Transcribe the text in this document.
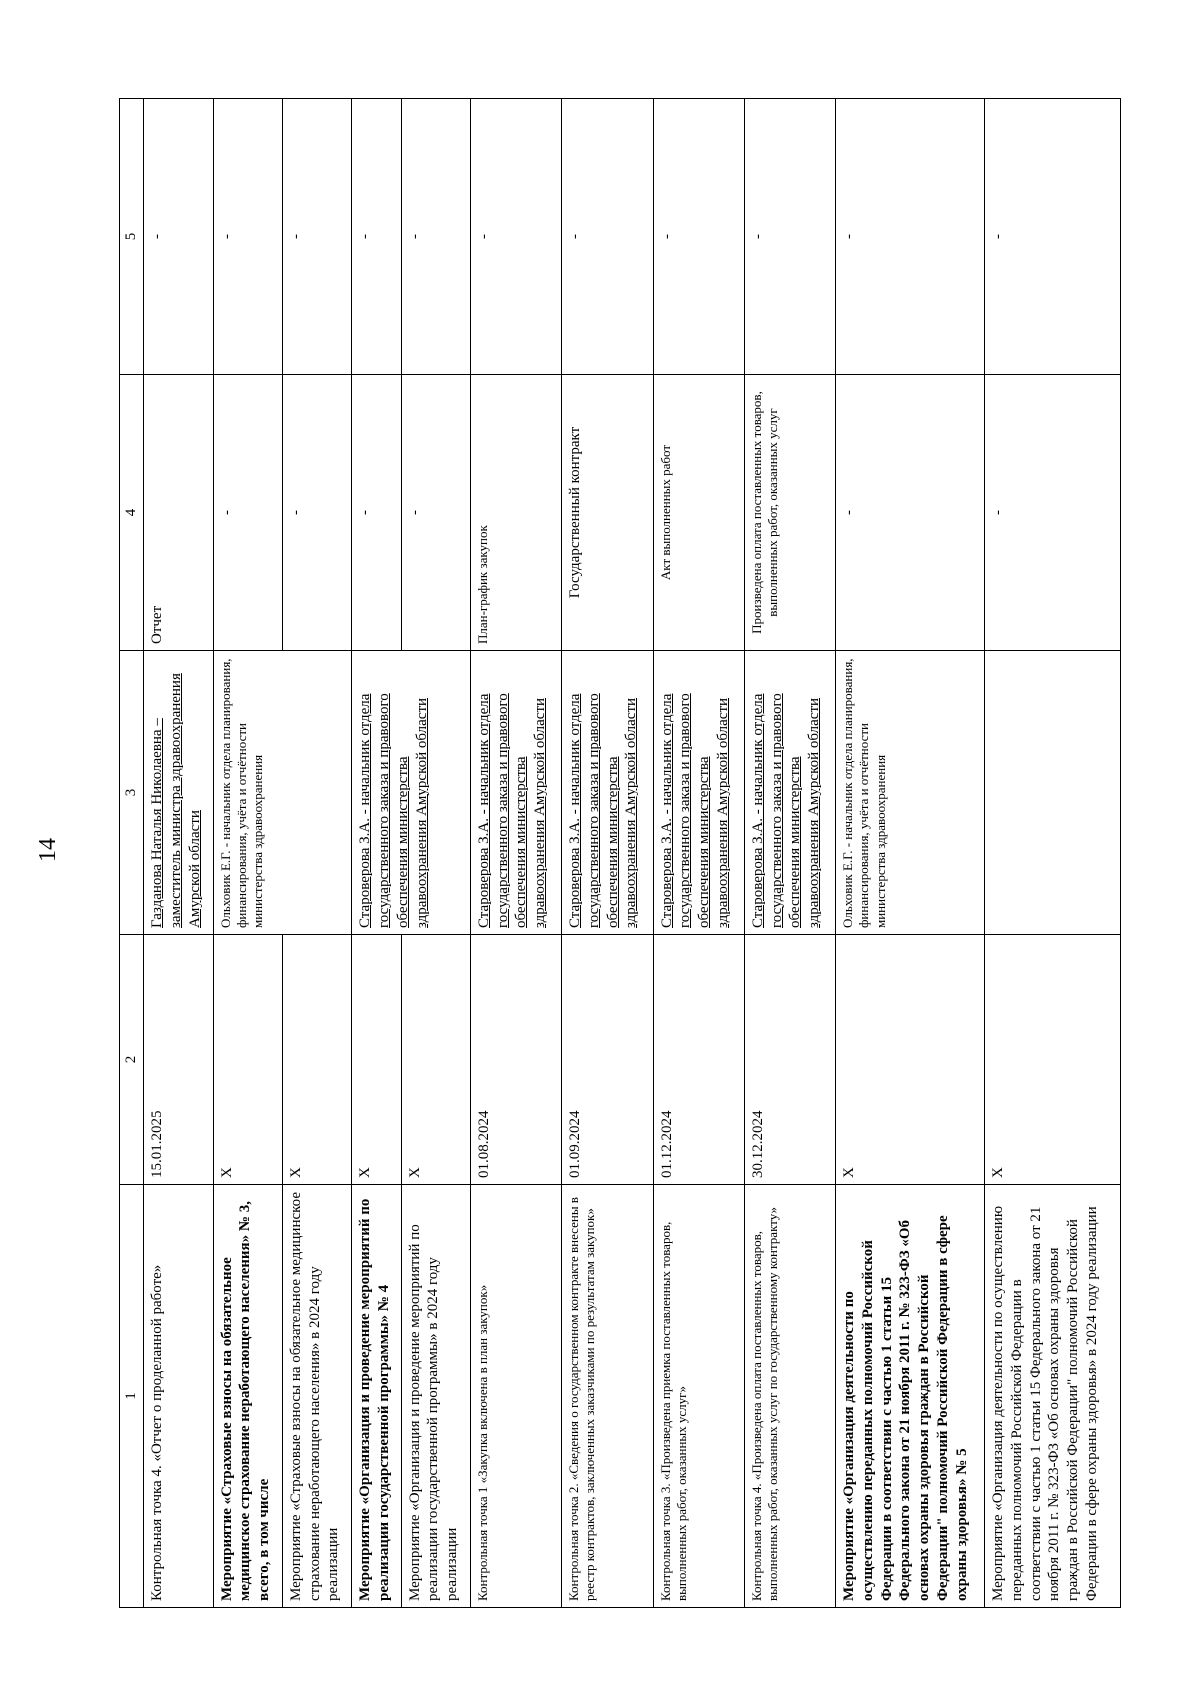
14
1	2	3	4	5
Контрольная точка 4. «Отчет о проделанной работе»	15.01.2025	Газданова Наталья Николаевна – заместитель министра здравоохранения Амурской области	Отчет	-
Мероприятие «Страховые взносы на обязательное медицинское страхование неработающего населения» № 3, всего, в том числе	Х	Ольховик Е.Г. - начальник отдела планирования, финансирования, учёта и отчётности министерства здравоохранения	-	-
Мероприятие «Страховые взносы на обязательное медицинское страхование неработающего населения» в 2024 году реализации	Х		-	-
Мероприятие «Организация и проведение мероприятий по реализации государственной программы» № 4	Х	Староверова З.А. - начальник отдела государственного заказа и правового обеспечения министерства здравоохранения Амурской области	-	-
Мероприятие «Организация и проведение мероприятий по реализации государственной программы» в 2024 году реализации	Х		-	-
Контрольная точка 1 «Закупка включена в план закупок»	01.08.2024	Староверова З.А. - начальник отдела государственного заказа и правового обеспечения министерства здравоохранения Амурской области	План-график закупок	-
Контрольная точка 2. «Сведения о государственном контракте внесены в реестр контрактов, заключенных заказчиками по результатам закупок»	01.09.2024	Староверова З.А. - начальник отдела государственного заказа и правового обеспечения министерства здравоохранения Амурской области	Государственный контракт	-
Контрольная точка 3. «Произведена приемка поставленных товаров, выполненных работ, оказанных услуг»	01.12.2024	Староверова З.А. - начальник отдела государственного заказа и правового обеспечения министерства здравоохранения Амурской области	Акт выполненных работ	-
Контрольная точка 4. «Произведена оплата поставленных товаров, выполненных работ, оказанных услуг по государственному контракту»	30.12.2024	Староверова З.А. - начальник отдела государственного заказа и правового обеспечения министерства здравоохранения Амурской области	Произведена оплата поставленных товаров, выполненных работ, оказанных услуг	-
Мероприятие «Организация деятельности по осуществлению переданных полномочий Российской Федерации в соответствии с частью 1 статьи 15 Федерального закона от 21 ноября 2011 г. № 323-ФЗ «Об основах охраны здоровья граждан в Российской Федерации" полномочий Российской Федерации в сфере охраны здоровья» № 5	Х	Ольховик Е.Г. - начальник отдела планирования, финансирования, учёта и отчётности министерства здравоохранения	-	-
Мероприятие «Организация деятельности по осуществлению переданных полномочий Российской Федерации в соответствии с частью 1 статьи 15 Федерального закона от 21 ноября 2011 г. № 323-ФЗ «Об основах охраны здоровья граждан в Российской Федерации" полномочий Российской Федерации в сфере охраны здоровья» в 2024 году реализации	Х		-	-
